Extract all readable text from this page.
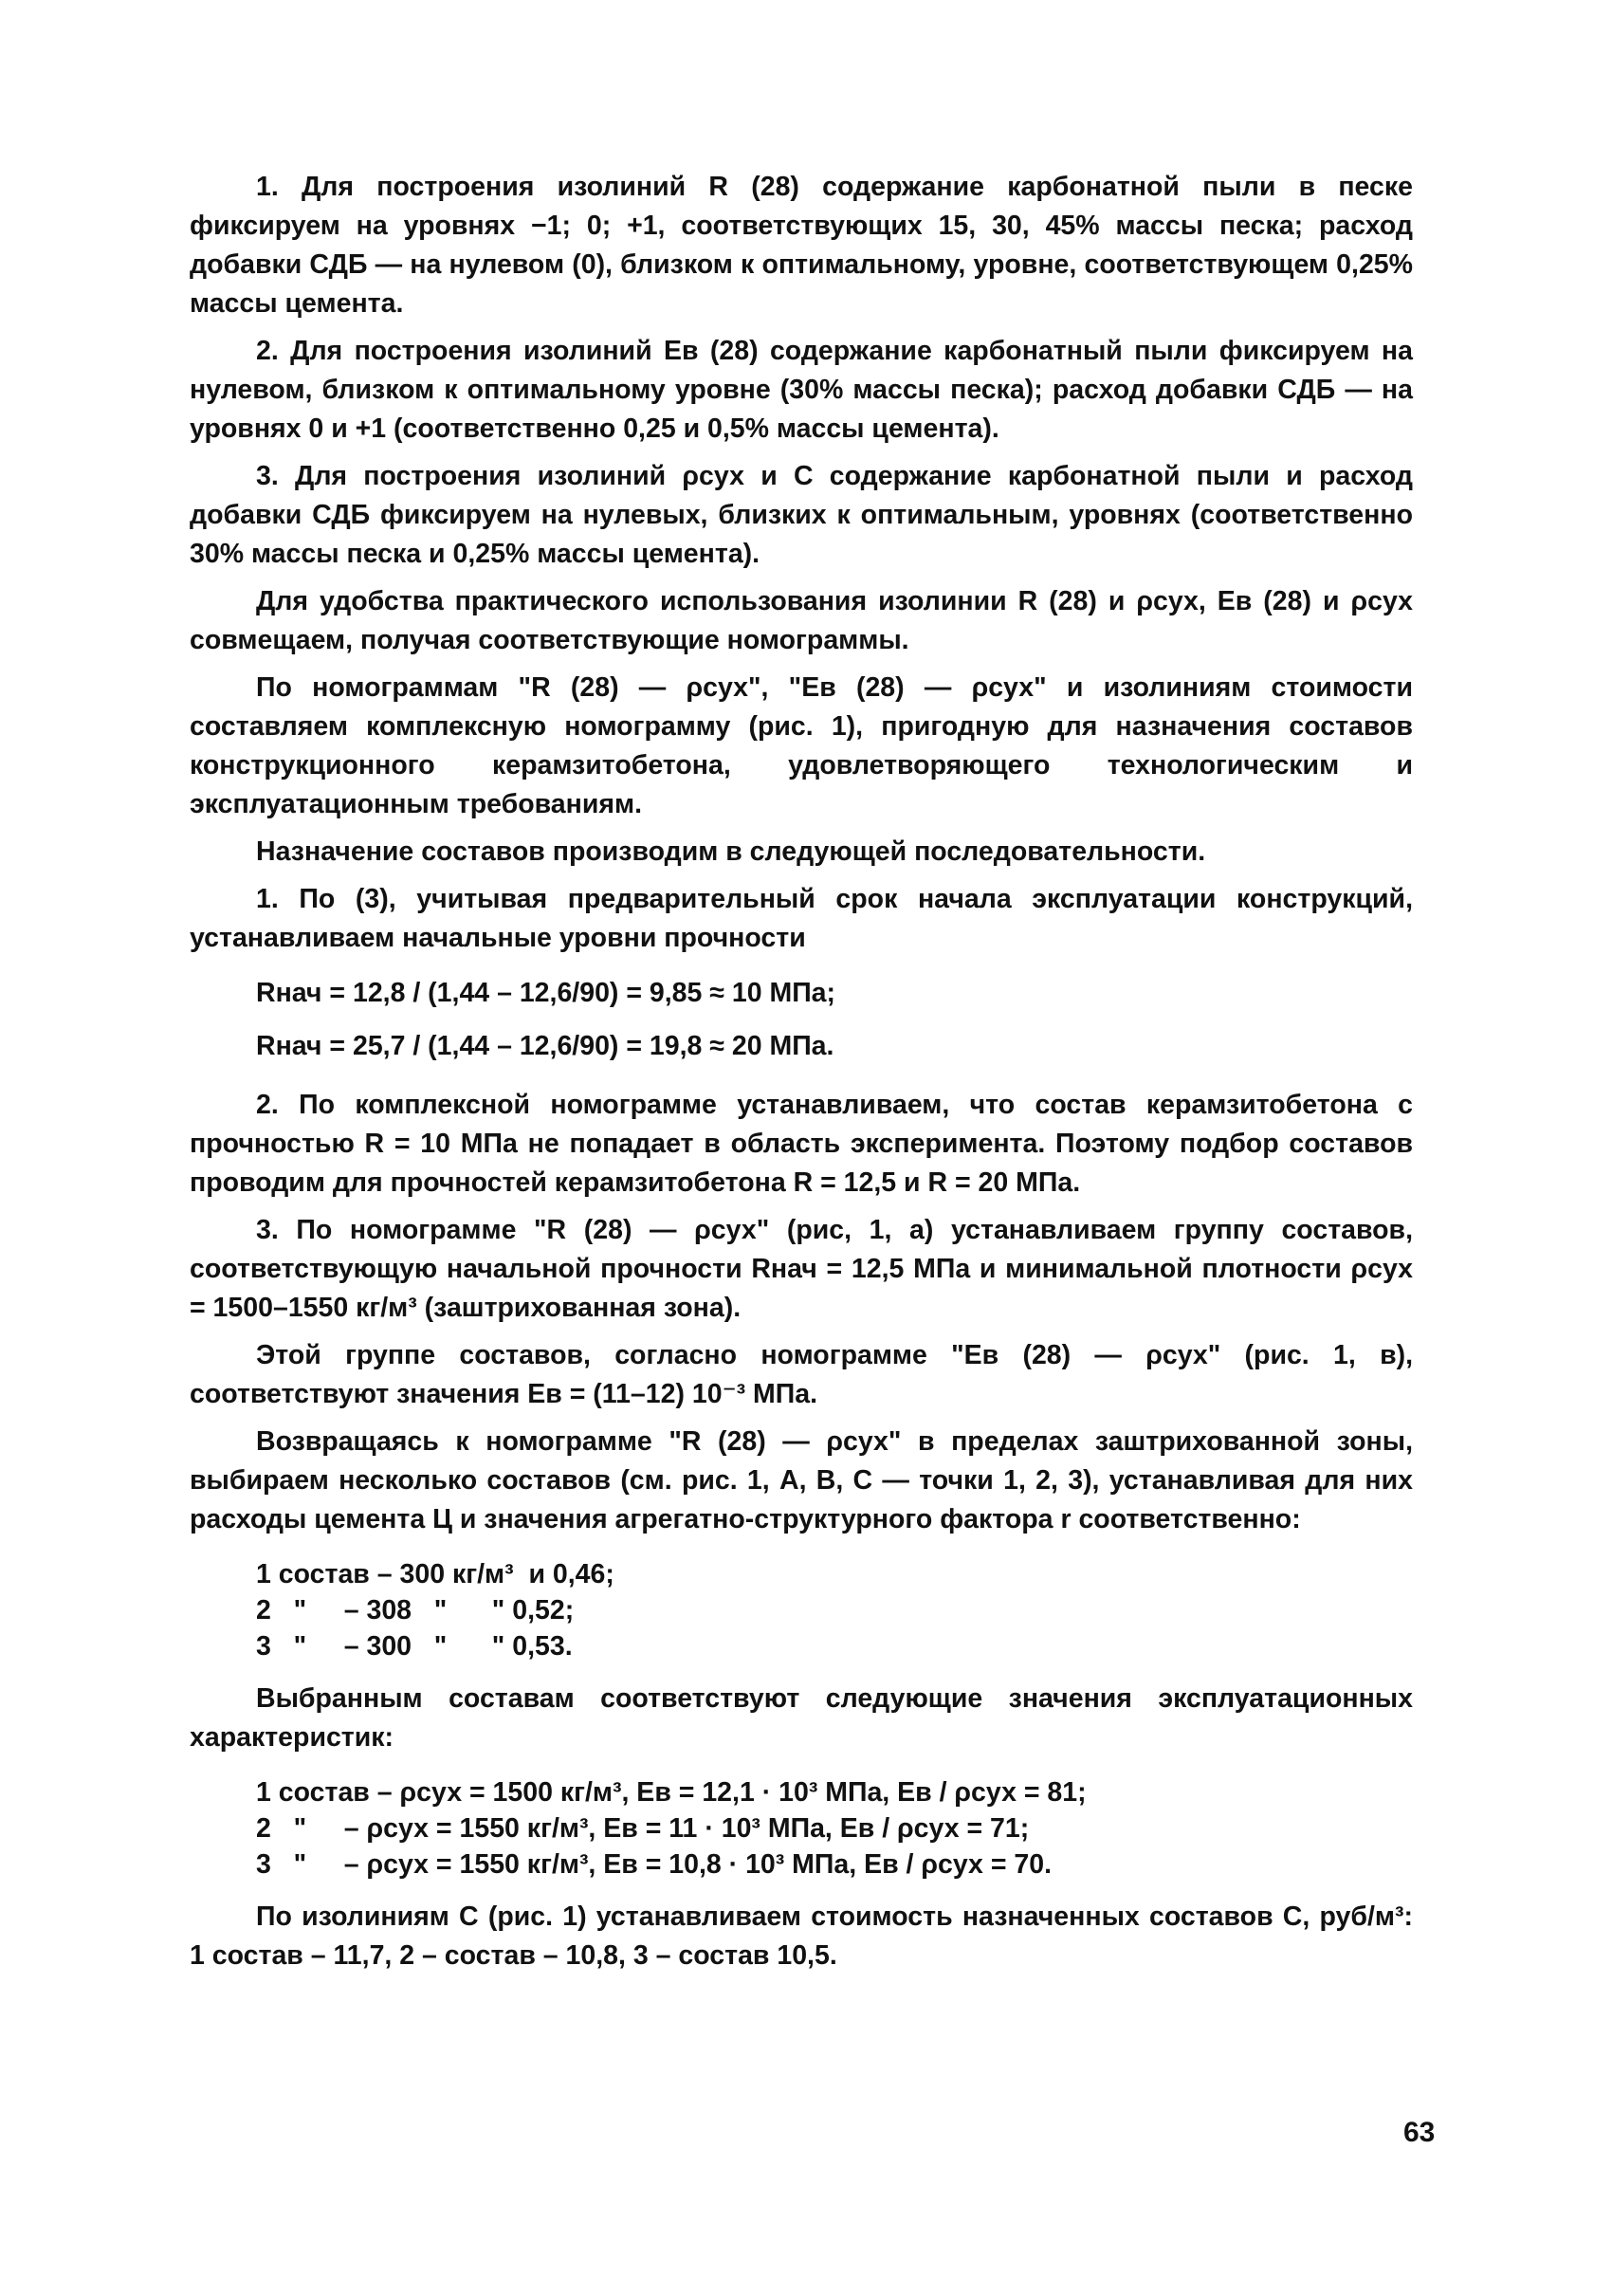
1. Для построения изолиний R (28) содержание карбонатной пыли в песке фиксируем на уровнях −1; 0; +1, соответствующих 15, 30, 45% массы песка; расход добавки СДБ — на нулевом (0), близком к оптимальному, уровне, соответствующем 0,25% массы цемента.

2. Для построения изолиний Eв (28) содержание карбонатный пыли фиксируем на нулевом, близком к оптимальному уровне (30% массы песка); расход добавки СДБ — на уровнях 0 и +1 (соответственно 0,25 и 0,5% массы цемента).

3. Для построения изолиний ρсух и C содержание карбонатной пыли и расход добавки СДБ фиксируем на нулевых, близких к оптимальным, уровнях (соответственно 30% массы песка и 0,25% массы цемента).

Для удобства практического использования изолинии R (28) и ρсух, Eв (28) и ρсух совмещаем, получая соответствующие номограммы.

По номограммам "R (28) — ρсух", "Eв (28) — ρсух" и изолиниям стоимости составляем комплексную номограмму (рис. 1), пригодную для назначения составов конструкционного керамзитобетона, удовлетворяющего технологическим и эксплуатационным требованиям.

Назначение составов производим в следующей последовательности.

1. По (3), учитывая предварительный срок начала эксплуатации конструкций, устанавливаем начальные уровни прочности

Rнач = 12,8 / (1,44 – 12,6/90) = 9,85 ≈ 10 МПа;

Rнач = 25,7 / (1,44 – 12,6/90) = 19,8 ≈ 20 МПа.

2. По комплексной номограмме устанавливаем, что состав керамзитобетона с прочностью R = 10 МПа не попадает в область эксперимента. Поэтому подбор составов проводим для прочностей керамзитобетона R = 12,5 и R = 20 МПа.

3. По номограмме "R (28) — ρсух" (рис, 1, а) устанавливаем группу составов, соответствующую начальной прочности Rнач = 12,5 МПа и минимальной плотности ρсух = 1500–1550 кг/м³ (заштрихованная зона).

Этой группе составов, согласно номограмме "Eв (28) — ρсух" (рис. 1, в), соответствуют значения Eв = (11–12) 10⁻³ МПа.

Возвращаясь к номограмме "R (28) — ρсух" в пределах заштрихованной зоны, выбираем несколько составов (см. рис. 1, A, B, C — точки 1, 2, 3), устанавливая для них расходы цемента Ц и значения агрегатно-структурного фактора r соответственно:

1 состав – 300 кг/м³  и 0,46;

2   "     – 308   "      " 0,52;

3   "     – 300   "      " 0,53.

Выбранным составам соответствуют следующие значения эксплуатационных характеристик:

1 состав – ρсух = 1500 кг/м³, Eв = 12,1 · 10³ МПа, Eв / ρсух = 81;

2   "     – ρсух = 1550 кг/м³, Eв = 11 · 10³ МПа, Eв / ρсух = 71;

3   "     – ρсух = 1550 кг/м³, Eв = 10,8 · 10³ МПа, Eв / ρсух = 70.

По изолиниям C (рис. 1) устанавливаем стоимость назначенных составов C, руб/м³: 1 состав – 11,7, 2 – состав – 10,8, 3 – состав 10,5.

63
